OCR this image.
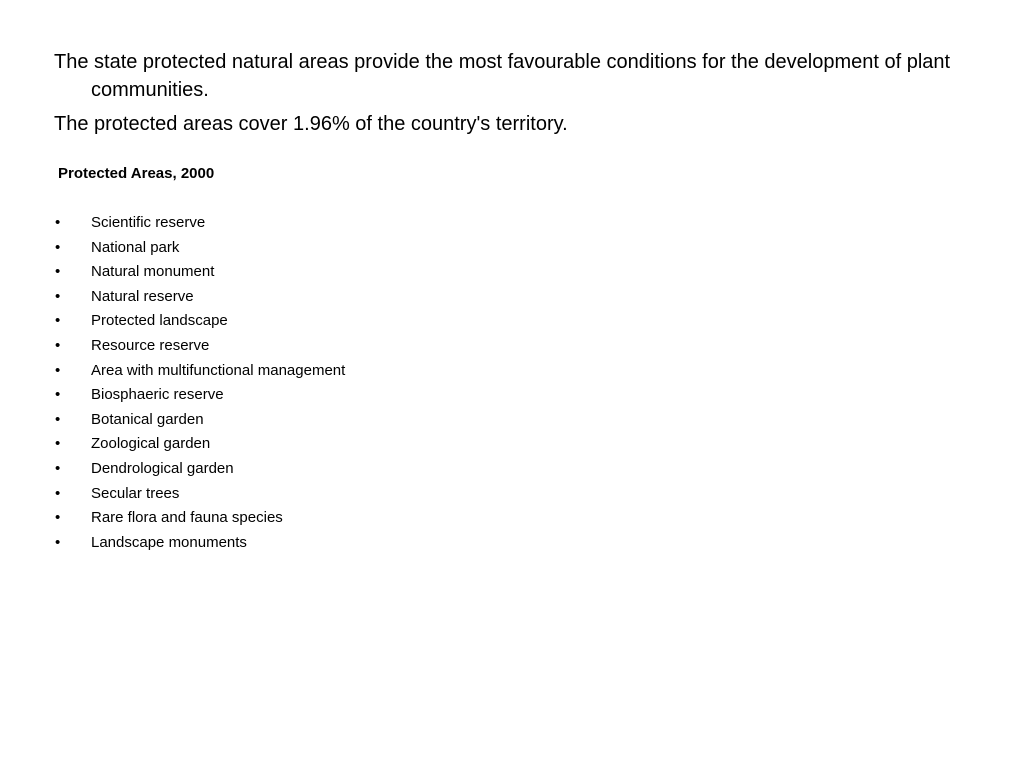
The state protected natural areas provide the most favourable conditions for the development of plant communities.

The protected areas cover 1.96% of the country's territory.

Protected Areas, 2000

•	Scientific reserve
•	National park
•	Natural monument
•	Natural reserve
•	Protected landscape
•	Resource reserve
•	Area with multifunctional management
•	Biosphaeric reserve
•	Botanical garden
•	Zoological garden
•	Dendrological garden
•	Secular trees
•	Rare flora and fauna species
•	Landscape monuments
